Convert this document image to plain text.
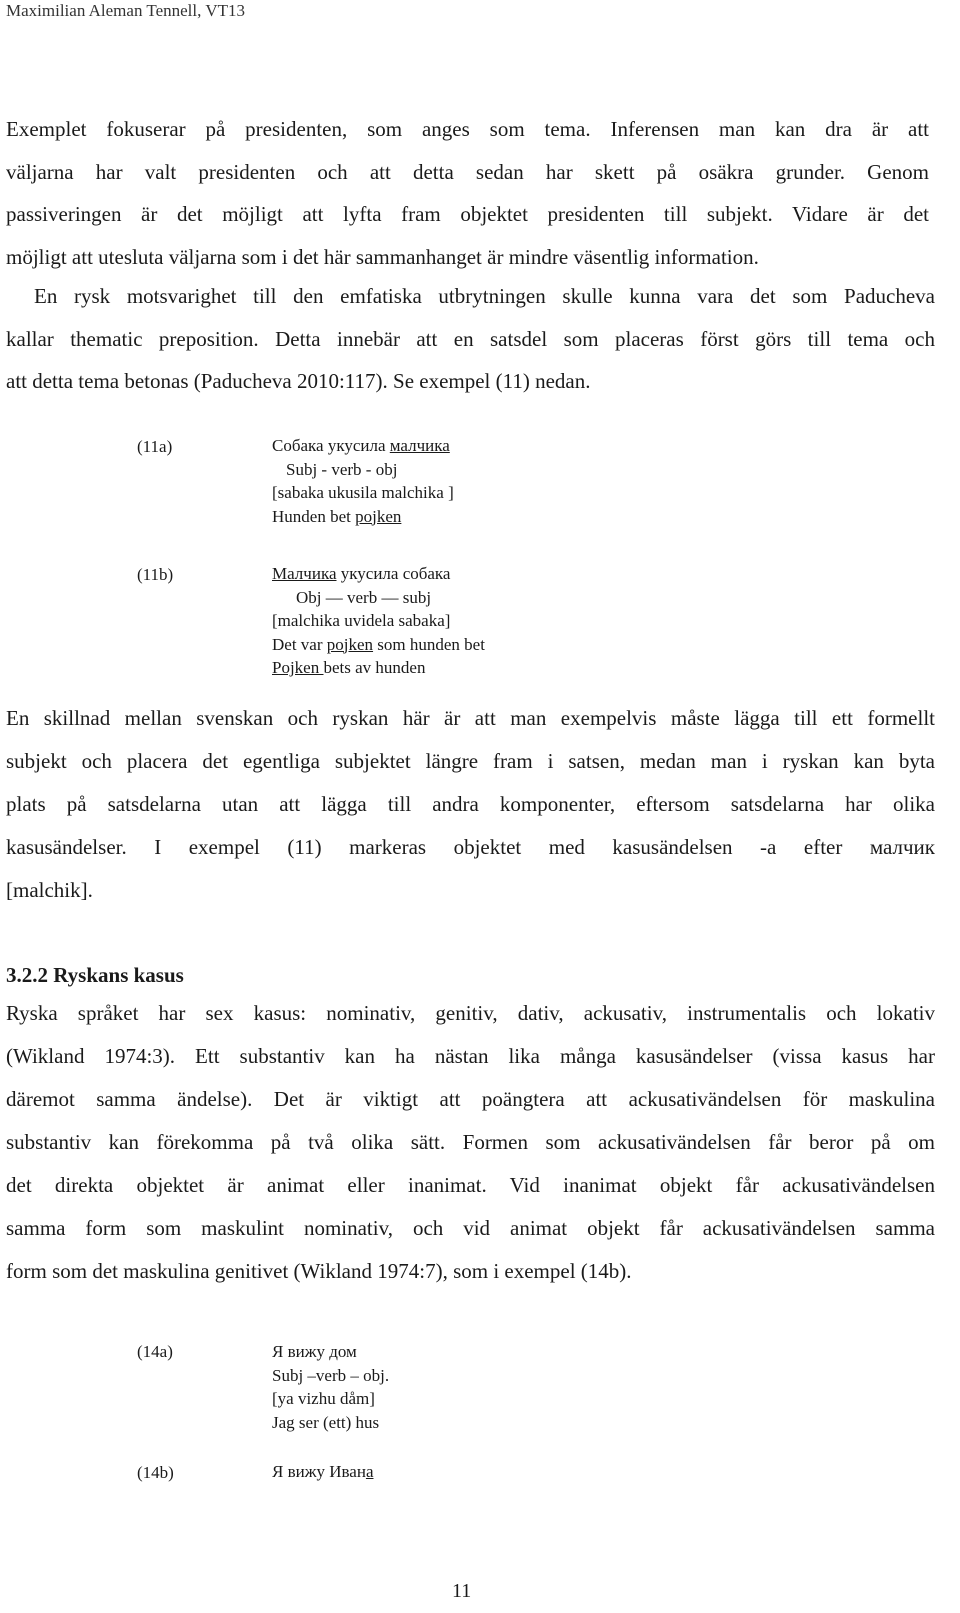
Maximilian Aleman Tennell, VT13

Exemplet fokuserar på presidenten, som anges som tema. Inferensen man kan dra är att
väljarna har valt presidenten och att detta sedan har skett på osäkra grunder. Genom
passiveringen är det möjligt att lyfta fram objektet presidenten till subjekt. Vidare är det
möjligt att utesluta väljarna som i det här sammanhanget är mindre väsentlig information.

En rysk motsvarighet till den emfatiska utbrytningen skulle kunna vara det som Paducheva
kallar thematic preposition. Detta innebär att en satsdel som placeras först görs till tema och
att detta tema betonas (Paducheva 2010:117). Se exempel (11) nedan.

(11a)	Собака укусила малчика
Subj - verb - obj
[sabaka ukusila malchika ]
Hunden bet pojken
(11b)	Малчика укусила собака
Obj — verb — subj
[malchika uvidela sabaka]
Det var pojken som hunden bet
Pojken bets av hunden

En skillnad mellan svenskan och ryskan här är att man exempelvis måste lägga till ett formellt
subjekt och placera det egentliga subjektet längre fram i satsen, medan man i ryskan kan byta
plats på satsdelarna utan att lägga till andra komponenter, eftersom satsdelarna har olika
kasusändelser. I exempel (11) markeras objektet med kasusändelsen -a efter малчик
[malchik].

3.2.2 Ryskans kasus

Ryska språket har sex kasus: nominativ, genitiv, dativ, ackusativ, instrumentalis och lokativ
(Wikland 1974:3). Ett substantiv kan ha nästan lika många kasusändelser (vissa kasus har
däremot samma ändelse). Det är viktigt att poängtera att ackusativändelsen för maskulina
substantiv kan förekomma på två olika sätt. Formen som ackusativändelsen får beror på om
det direkta objektet är animat eller inanimat. Vid inanimat objekt får ackusativändelsen
samma form som maskulint nominativ, och vid animat objekt får ackusativändelsen samma
form som det maskulina genitivet (Wikland 1974:7), som i exempel (14b).

(14a)	Я вижу дом
Subj –verb – obj.
[ya vizhu dåm]
Jag ser (ett) hus
(14b)	Я вижу Ивана
11
